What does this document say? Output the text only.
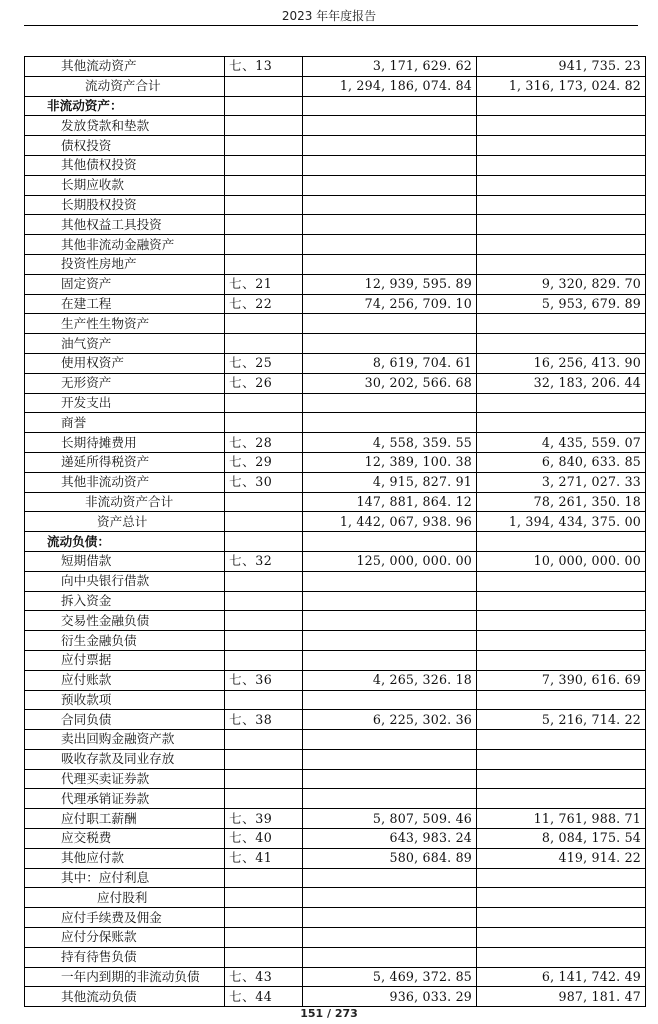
2023 年年度报告
其他流动资产	七、13	3, 171, 629. 62	941, 735. 23
流动资产合计		1, 294, 186, 074. 84	1, 316, 173, 024. 82
非流动资产：			
发放贷款和垫款			
债权投资			
其他债权投资			
长期应收款			
长期股权投资			
其他权益工具投资			
其他非流动金融资产			
投资性房地产			
固定资产	七、21	12, 939, 595. 89	9, 320, 829. 70
在建工程	七、22	74, 256, 709. 10	5, 953, 679. 89
生产性生物资产			
油气资产			
使用权资产	七、25	8, 619, 704. 61	16, 256, 413. 90
无形资产	七、26	30, 202, 566. 68	32, 183, 206. 44
开发支出			
商誉			
长期待摊费用	七、28	4, 558, 359. 55	4, 435, 559. 07
递延所得税资产	七、29	12, 389, 100. 38	6, 840, 633. 85
其他非流动资产	七、30	4, 915, 827. 91	3, 271, 027. 33
非流动资产合计		147, 881, 864. 12	78, 261, 350. 18
资产总计		1, 442, 067, 938. 96	1, 394, 434, 375. 00
流动负债：			
短期借款	七、32	125, 000, 000. 00	10, 000, 000. 00
向中央银行借款			
拆入资金			
交易性金融负债			
衍生金融负债			
应付票据			
应付账款	七、36	4, 265, 326. 18	7, 390, 616. 69
预收款项			
合同负债	七、38	6, 225, 302. 36	5, 216, 714. 22
卖出回购金融资产款			
吸收存款及同业存放			
代理买卖证券款			
代理承销证券款			
应付职工薪酬	七、39	5, 807, 509. 46	11, 761, 988. 71
应交税费	七、40	643, 983. 24	8, 084, 175. 54
其他应付款	七、41	580, 684. 89	419, 914. 22
其中：应付利息			
应付股利			
应付手续费及佣金			
应付分保账款			
持有待售负债			
一年内到期的非流动负债	七、43	5, 469, 372. 85	6, 141, 742. 49
其他流动负债	七、44	936, 033. 29	987, 181. 47
151 / 273
